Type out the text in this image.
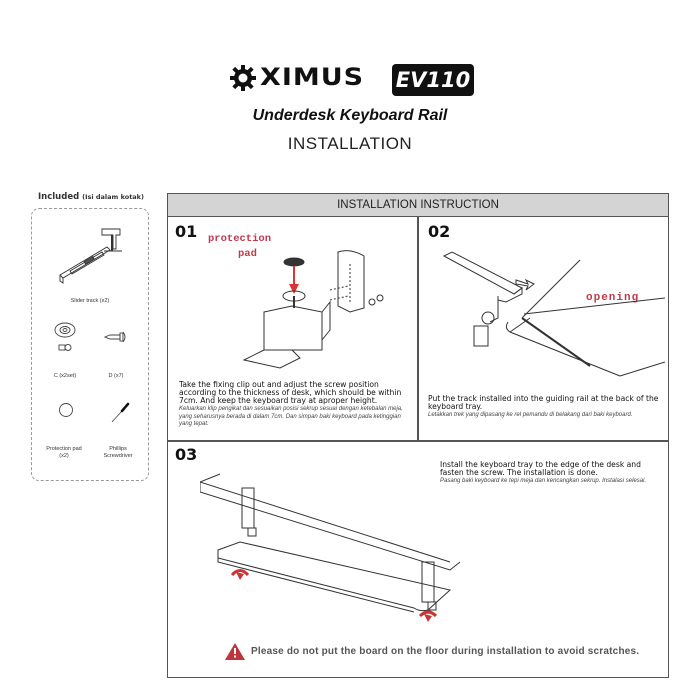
XIMUS EV110
Underdesk Keyboard Rail
INSTALLATION
Included (Isi dalam kotak)
Slider track (x2)
C (x2set)	D (x7)
Protection pad (x2)
Phillips Screwdriver
INSTALLATION INSTRUCTION
01 protection
pad
Take the fixing clip out and adjust the screw position according to the thickness of desk, which should be within 7cm. And keep the keyboard tray at aproper height.
Keluarkan klip pengikat dan sesuaikan posisi sekrup sesuai dengan ketebalan meja, yang seharusnya berada di dalam 7cm. Dan simpan baki keyboard pada ketinggian yang tepat.
02
opening
Put the track installed into the guiding rail at the back of the keyboard tray.
Letakkan trek yang dipasang ke rel pemandu di belakang dari baki keyboard.
03
Install the keyboard tray to the edge of the desk and fasten the screw. The installation is done.
Pasang baki keyboard ke tepi meja dan kencangkan sekrup. Instalasi selesai.
Please do not put the board on the floor during installation to avoid scratches.
